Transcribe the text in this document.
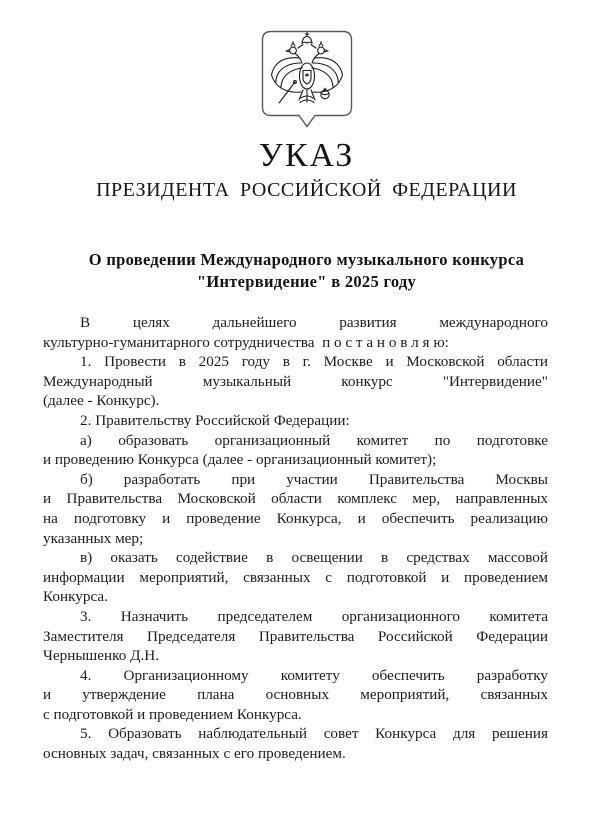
УКАЗ
ПРЕЗИДЕНТА РОССИЙСКОЙ ФЕДЕРАЦИИ
О проведении Международного музыкального конкурса
"Интервидение" в 2025 году
В целях дальнейшего развития международного
культурно-гуманитарного сотрудничества  п о с т а н о в л я ю:
1. Провести в 2025 году в г. Москве и Московской области
Международный музыкальный конкурс "Интервидение"
(далее - Конкурс).
2. Правительству Российской Федерации:
а) образовать организационный комитет по подготовке
и проведению Конкурса (далее - организационный комитет);
б) разработать при участии Правительства Москвы
и Правительства Московской области комплекс мер, направленных
на подготовку и проведение Конкурса, и обеспечить реализацию
указанных мер;
в) оказать содействие в освещении в средствах массовой
информации мероприятий, связанных с подготовкой и проведением
Конкурса.
3. Назначить председателем организационного комитета
Заместителя Председателя Правительства Российской Федерации
Чернышенко Д.Н.
4. Организационному комитету обеспечить разработку
и утверждение плана основных мероприятий, связанных
с подготовкой и проведением Конкурса.
5. Образовать наблюдательный совет Конкурса для решения
основных задач, связанных с его проведением.
